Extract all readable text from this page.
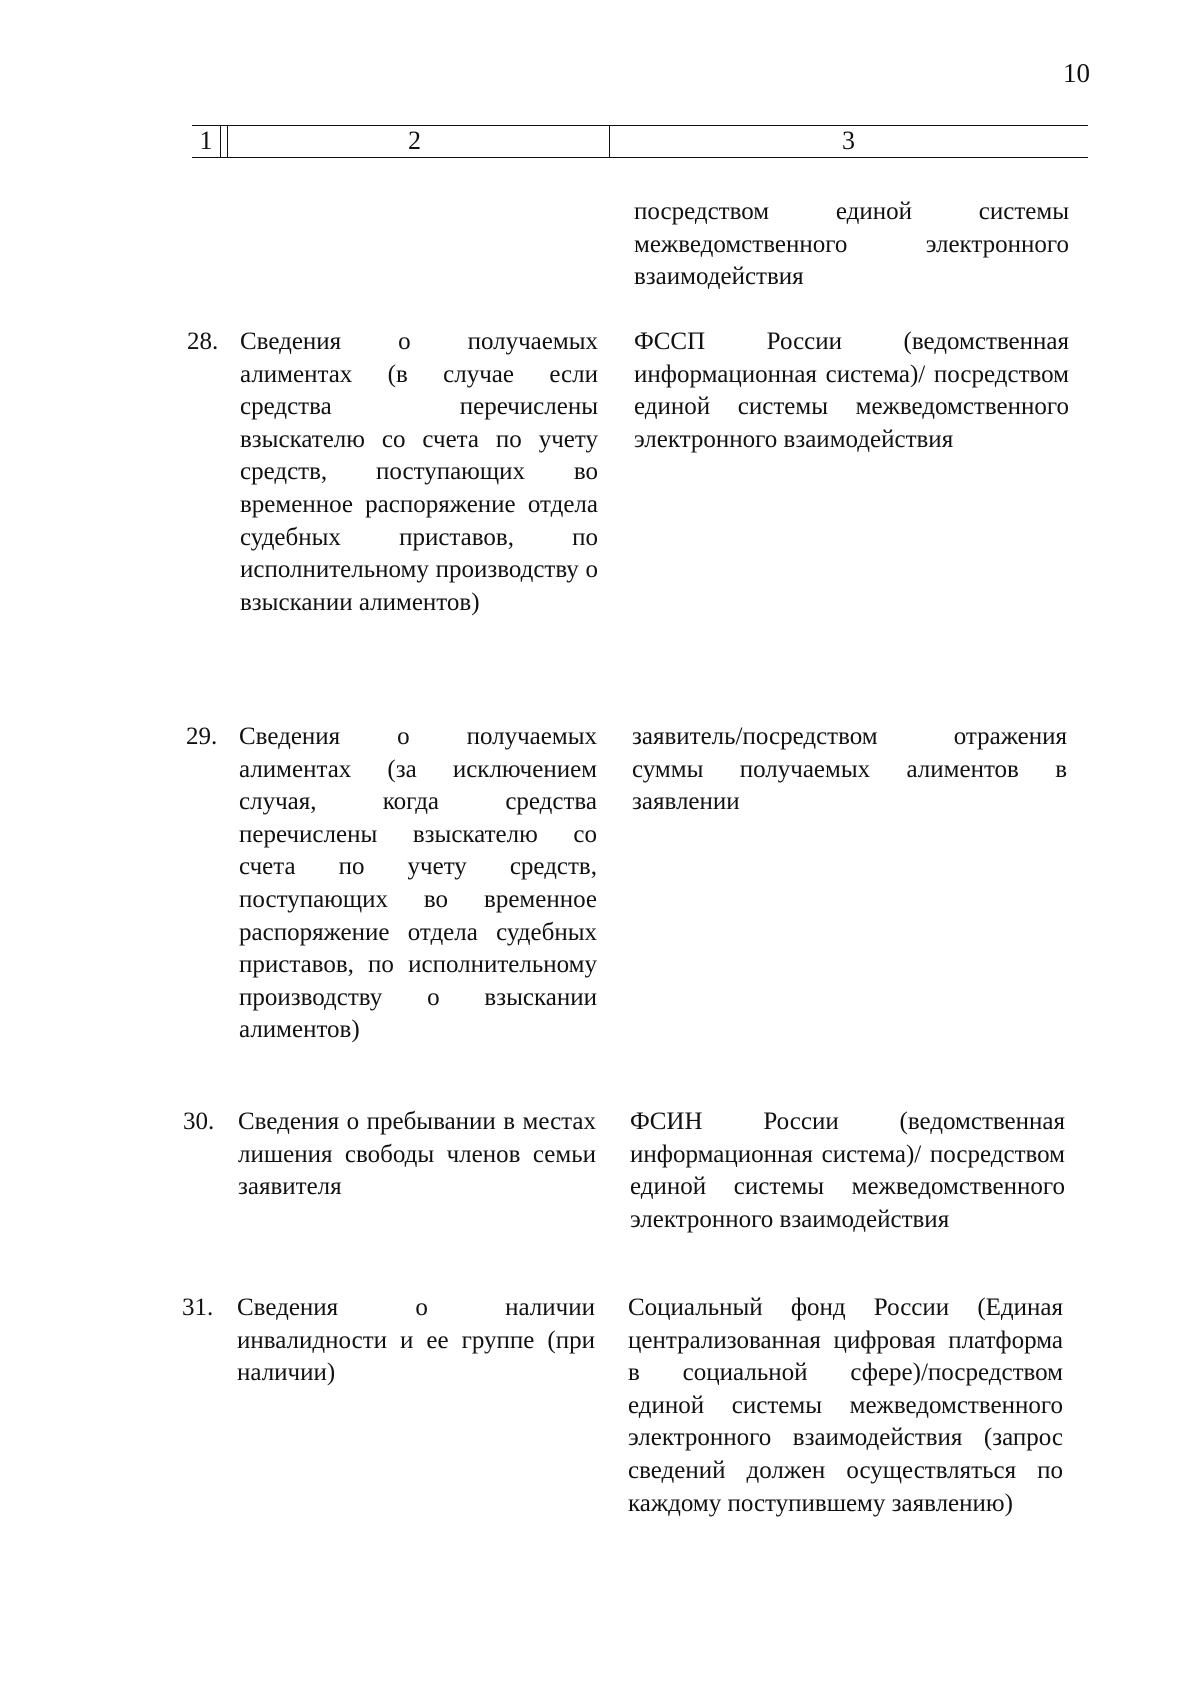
10
1	2	3

посредством единой системы межведомственного электронного взаимодействия

28. Сведения о получаемых алиментах (в случае если средства перечислены взыскателю со счета по учету средств, поступающих во временное распоряжение отдела судебных приставов, по исполнительному производству о взыскании алиментов)

ФССП России (ведомственная информационная система)/ посредством единой системы межведомственного электронного взаимодействия

29. Сведения о получаемых алиментах (за исключением случая, когда средства перечислены взыскателю со счета по учету средств, поступающих во временное распоряжение отдела судебных приставов, по исполнительному производству о взыскании алиментов)

заявитель/посредством отражения суммы получаемых алиментов в заявлении

30. Сведения о пребывании в местах лишения свободы членов семьи заявителя

ФСИН России (ведомственная информационная система)/ посредством единой системы межведомственного электронного взаимодействия

31. Сведения о наличии инвалидности и ее группе (при наличии)

Социальный фонд России (Единая централизованная цифровая платформа в социальной сфере)/посредством единой системы межведомственного электронного взаимодействия (запрос сведений должен осуществляться по каждому поступившему заявлению)
